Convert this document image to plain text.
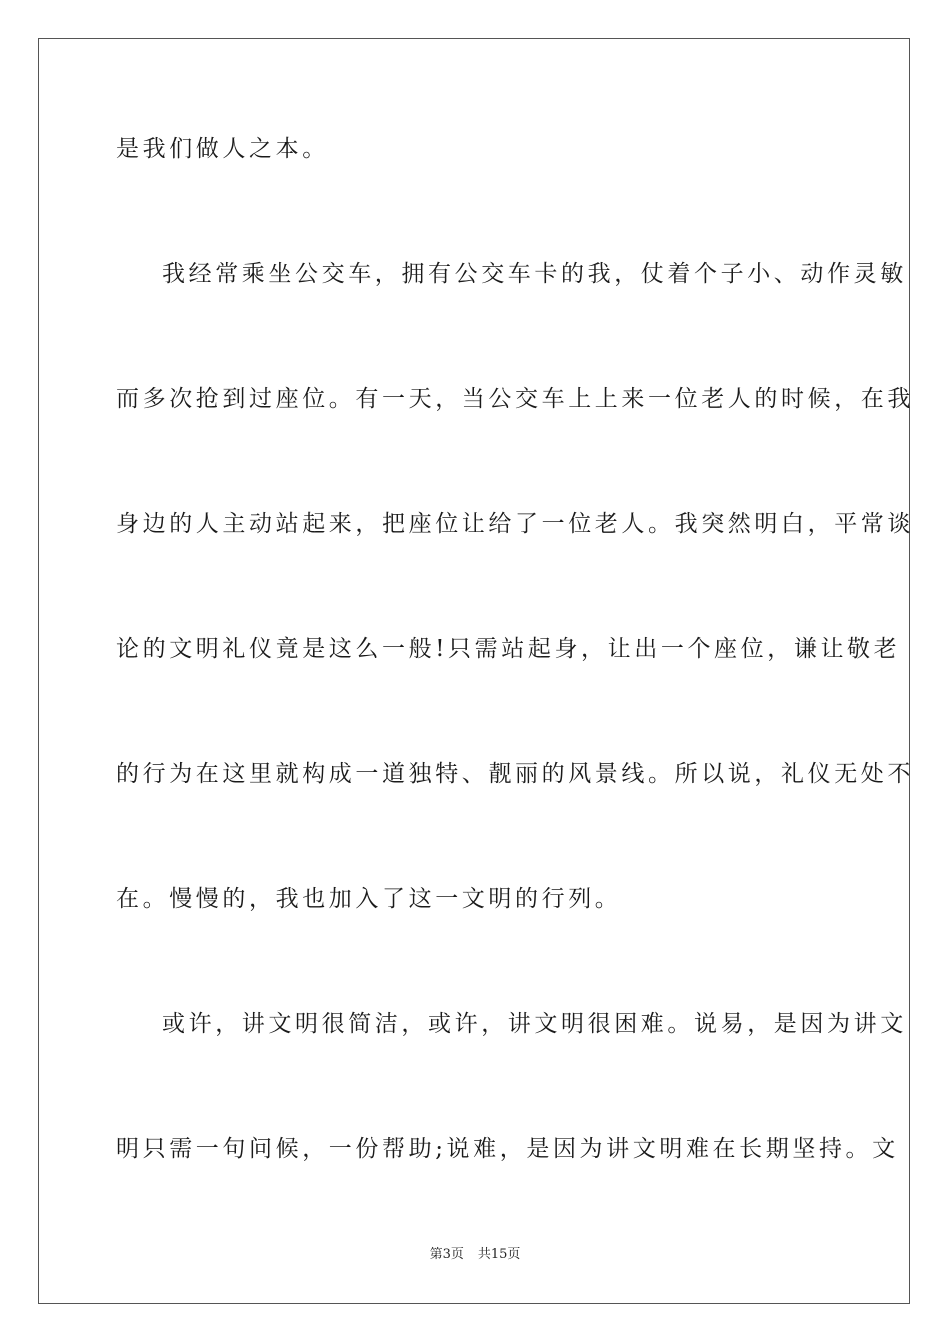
是我们做人之本。
我经常乘坐公交车，拥有公交车卡的我，仗着个子小、动作灵敏
而多次抢到过座位。有一天，当公交车上上来一位老人的时候，在我
身边的人主动站起来，把座位让给了一位老人。我突然明白，平常谈
论的文明礼仪竟是这么一般!只需站起身，让出一个座位，谦让敬老
的行为在这里就构成一道独特、靓丽的风景线。所以说，礼仪无处不
在。慢慢的，我也加入了这一文明的行列。
或许，讲文明很简洁，或许，讲文明很困难。说易，是因为讲文
明只需一句问候，一份帮助;说难，是因为讲文明难在长期坚持。文
第3页 共15页
